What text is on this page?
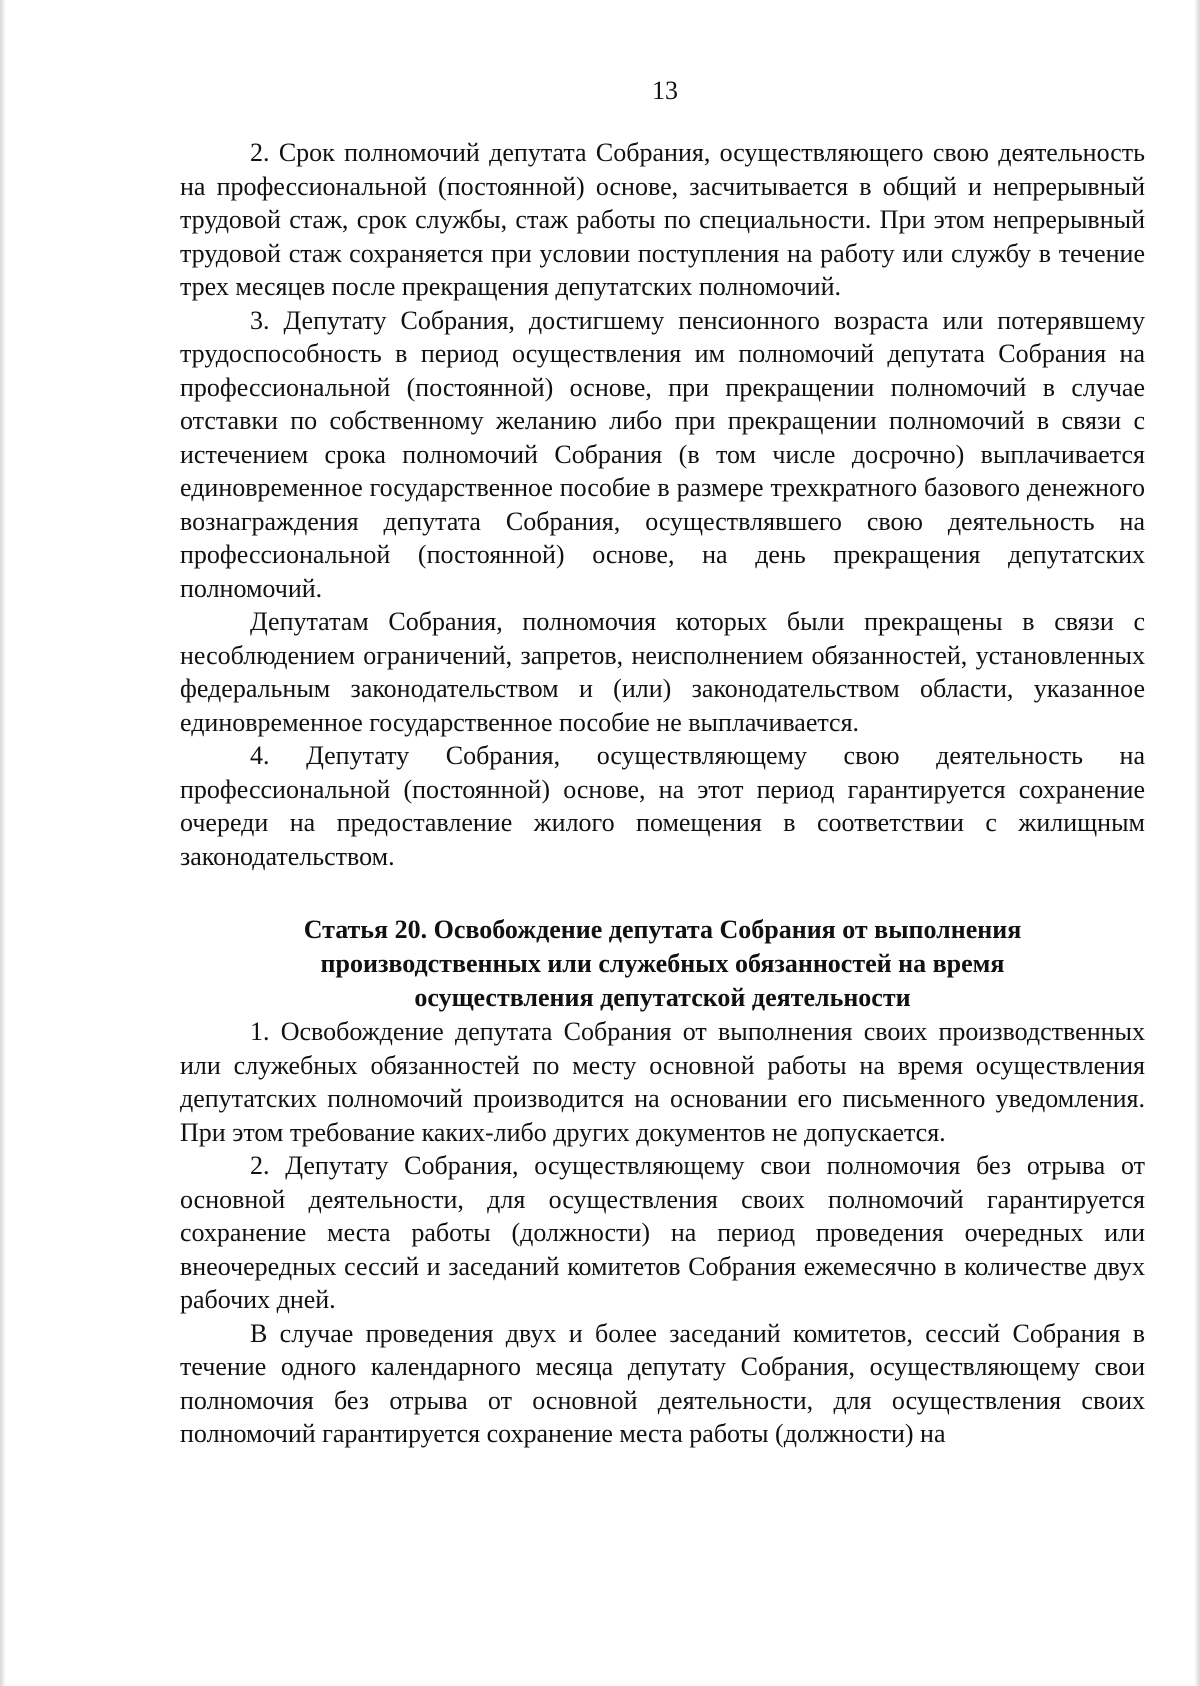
13

2. Срок полномочий депутата Собрания, осуществляющего свою деятельность на профессиональной (постоянной) основе, засчитывается в общий и непрерывный трудовой стаж, срок службы, стаж работы по специальности. При этом непрерывный трудовой стаж сохраняется при условии поступления на работу или службу в течение трех месяцев после прекращения депутатских полномочий.

3. Депутату Собрания, достигшему пенсионного возраста или потерявшему трудоспособность в период осуществления им полномочий депутата Собрания на профессиональной (постоянной) основе, при прекращении полномочий в случае отставки по собственному желанию либо при прекращении полномочий в связи с истечением срока полномочий Собрания (в том числе досрочно) выплачивается единовременное государственное пособие в размере трехкратного базового денежного вознаграждения депутата Собрания, осуществлявшего свою деятельность на профессиональной (постоянной) основе, на день прекращения депутатских полномочий.

Депутатам Собрания, полномочия которых были прекращены в связи с несоблюдением ограничений, запретов, неисполнением обязанностей, установленных федеральным законодательством и (или) законодательством области, указанное единовременное государственное пособие не выплачивается.

4. Депутату Собрания, осуществляющему свою деятельность на профессиональной (постоянной) основе, на этот период гарантируется сохранение очереди на предоставление жилого помещения в соответствии с жилищным законодательством.

Статья 20. Освобождение депутата Собрания от выполнения
производственных или служебных обязанностей на время
осуществления депутатской деятельности

1. Освобождение депутата Собрания от выполнения своих производственных или служебных обязанностей по месту основной работы на время осуществления депутатских полномочий производится на основании его письменного уведомления. При этом требование каких-либо других документов не допускается.

2. Депутату Собрания, осуществляющему свои полномочия без отрыва от основной деятельности, для осуществления своих полномочий гарантируется сохранение места работы (должности) на период проведения очередных или внеочередных сессий и заседаний комитетов Собрания ежемесячно в количестве двух рабочих дней.

В случае проведения двух и более заседаний комитетов, сессий Собрания в течение одного календарного месяца депутату Собрания, осуществляющему свои полномочия без отрыва от основной деятельности, для осуществления своих полномочий гарантируется сохранение места работы (должности) на
